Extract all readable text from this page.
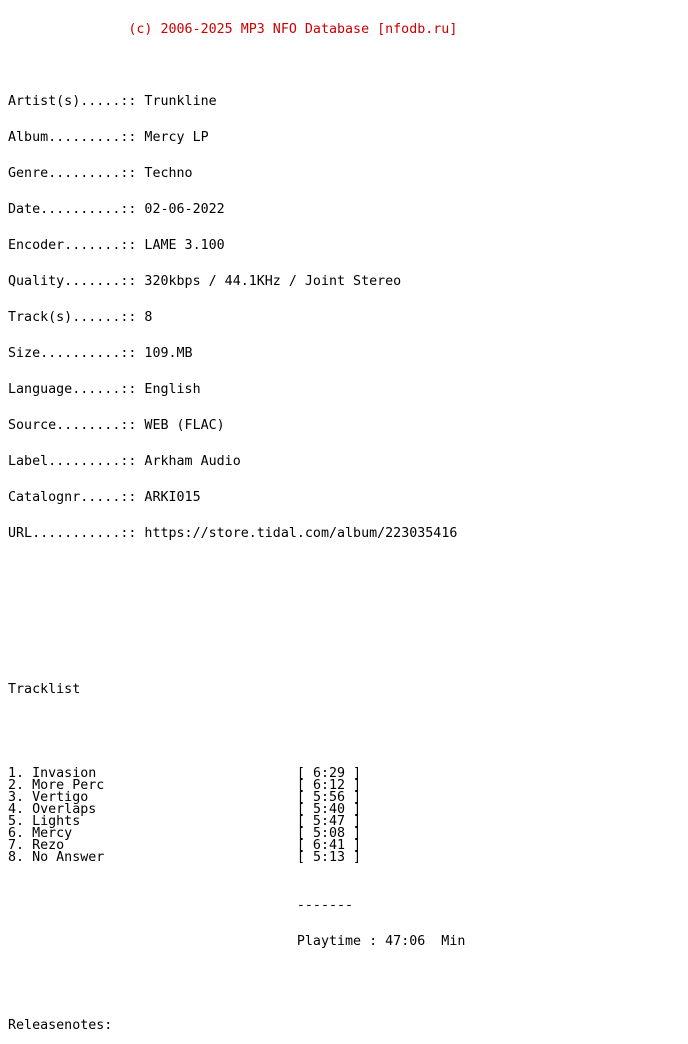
(c) 2006-2025 MP3 NFO Database [nfodb.ru]

Artist(s).....:: Trunkline

Album.........:: Mercy LP

Genre.........:: Techno

Date..........:: 02-06-2022

Encoder.......:: LAME 3.100

Quality.......:: 320kbps / 44.1KHz / Joint Stereo

Track(s)......:: 8

Size..........:: 109.MB

Language......:: English

Source........:: WEB (FLAC)

Label.........:: Arkham Audio

Catalognr.....:: ARKI015

URL...........:: https://store.tidal.com/album/223035416

Tracklist

1. Invasion	[ 6:29 ]
2. More Perc	[ 6:12 ]
3. Vertigo	[ 5:56 ]
4. Overlaps	[ 5:40 ]
5. Lights	[ 5:47 ]
6. Mercy	[ 5:08 ]
7. Rezo	[ 6:41 ]
8. No Answer	[ 5:13 ]

-------

Playtime : 47:06  Min

Releasenotes:
